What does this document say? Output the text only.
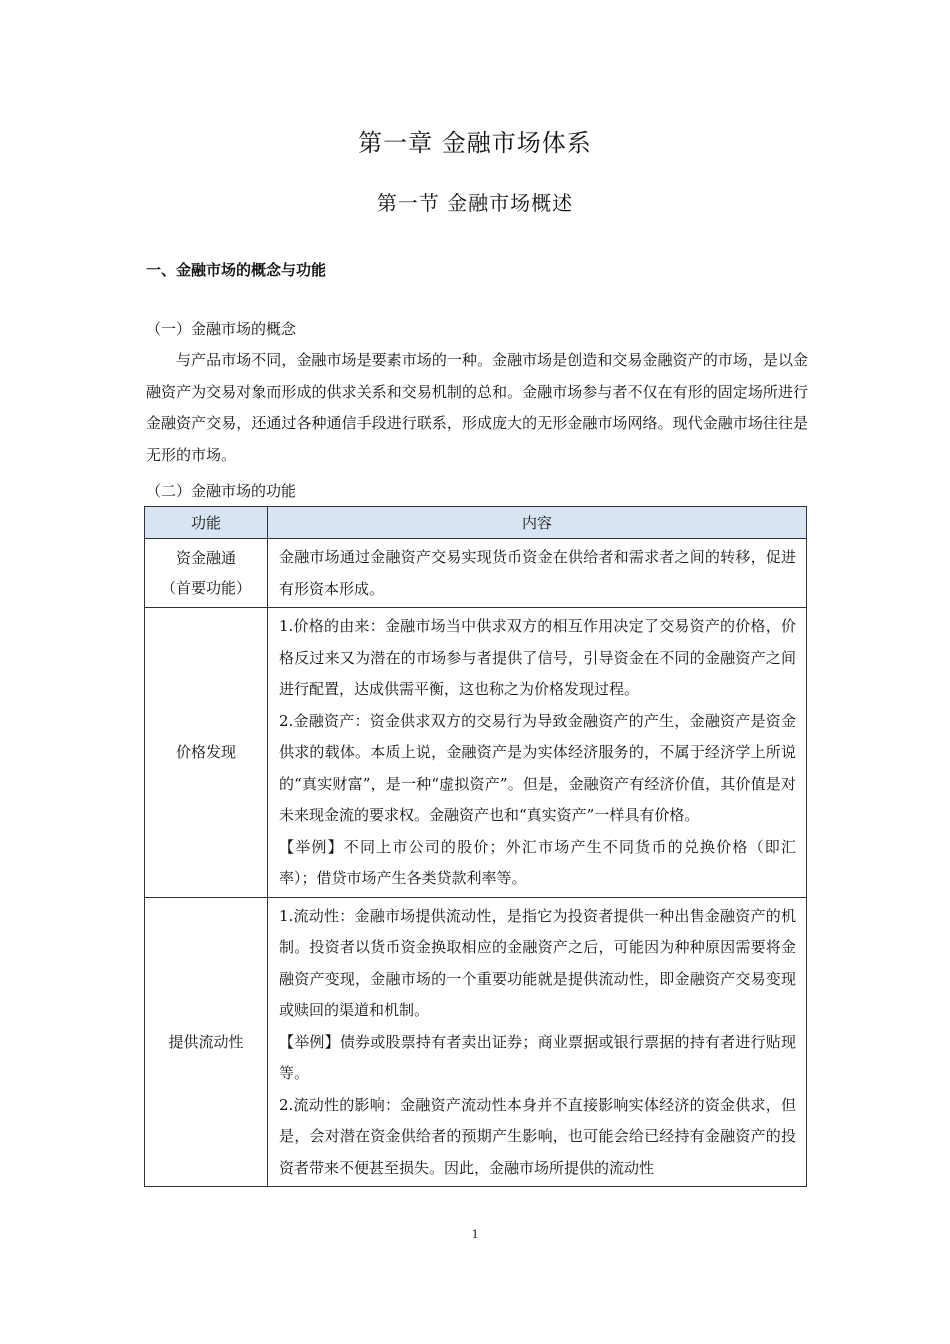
第一章 金融市场体系
第一节 金融市场概述
一、金融市场的概念与功能
（一）金融市场的概念
与产品市场不同，金融市场是要素市场的一种。金融市场是创造和交易金融资产的市场，是以金融资产为交易对象而形成的供求关系和交易机制的总和。金融市场参与者不仅在有形的固定场所进行金融资产交易，还通过各种通信手段进行联系，形成庞大的无形金融市场网络。现代金融市场往往是无形的市场。
（二）金融市场的功能
功能	内容

资金融通
（首要功能）	金融市场通过金融资产交易实现货币资金在供给者和需求者之间的转移，促进有形资本形成。

价格发现	1.价格的由来：金融市场当中供求双方的相互作用决定了交易资产的价格，价格反过来又为潜在的市场参与者提供了信号，引导资金在不同的金融资产之间进行配置，达成供需平衡，这也称之为价格发现过程。

2.金融资产：资金供求双方的交易行为导致金融资产的产生，金融资产是资金供求的载体。本质上说，金融资产是为实体经济服务的，不属于经济学上所说的“真实财富”，是一种“虚拟资产”。但是，金融资产有经济价值，其价值是对未来现金流的要求权。金融资产也和“真实资产”一样具有价格。

【举例】不同上市公司的股价；外汇市场产生不同货币的兑换价格（即汇率）；借贷市场产生各类贷款利率等。

提供流动性	1.流动性：金融市场提供流动性，是指它为投资者提供一种出售金融资产的机制。投资者以货币资金换取相应的金融资产之后，可能因为种种原因需要将金融资产变现，金融市场的一个重要功能就是提供流动性，即金融资产交易变现或赎回的渠道和机制。

【举例】债券或股票持有者卖出证券；商业票据或银行票据的持有者进行贴现等。

2.流动性的影响：金融资产流动性本身并不直接影响实体经济的资金供求，但是，会对潜在资金供给者的预期产生影响，也可能会给已经持有金融资产的投资者带来不便甚至损失。因此，金融市场所提供的流动性

1
